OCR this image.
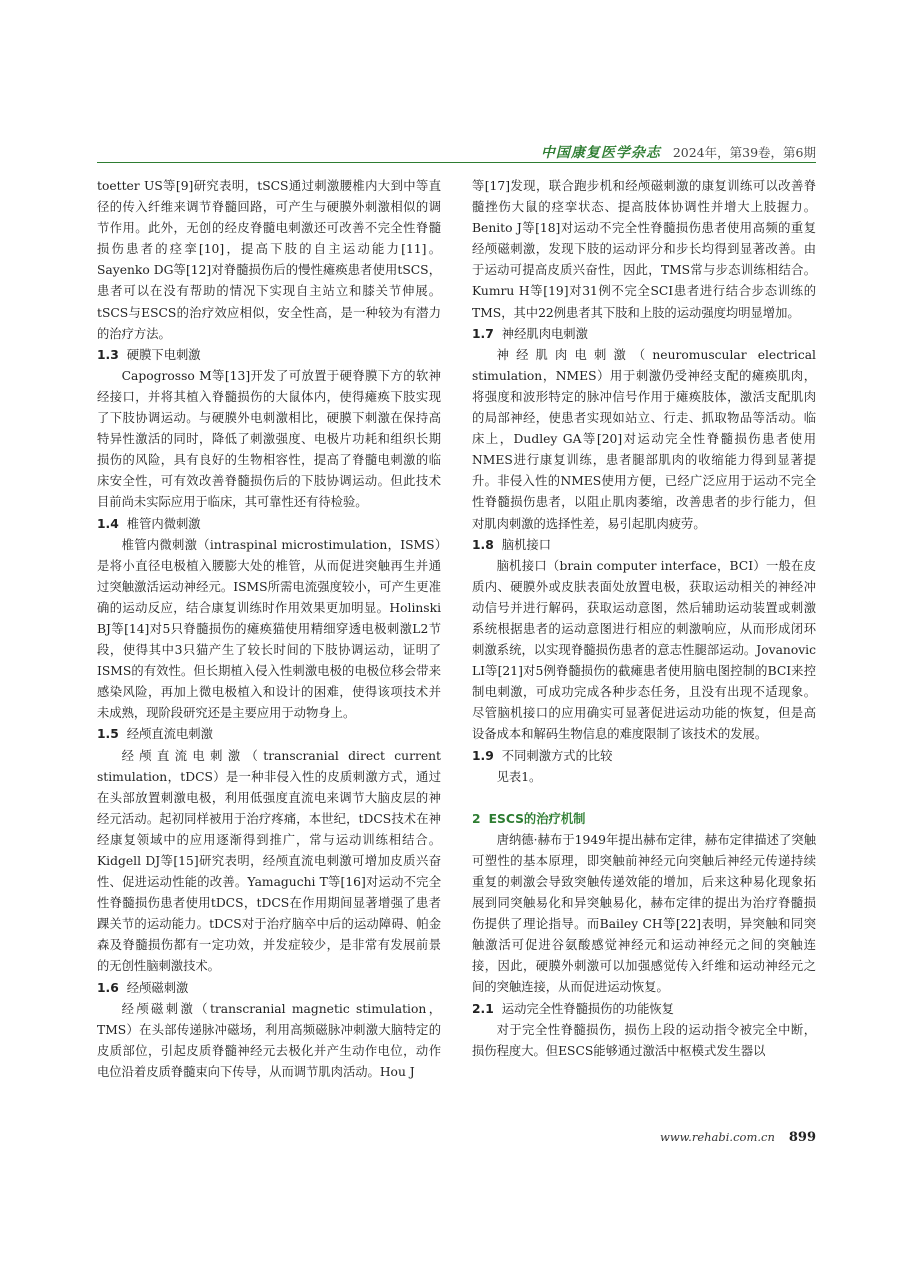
中国康复医学杂志 2024年，第39卷，第6期

toetter US等[9]研究表明，tSCS通过刺激腰椎内大到中等直径的传入纤维来调节脊髓回路，可产生与硬膜外刺激相似的调节作用。此外，无创的经皮脊髓电刺激还可改善不完全性脊髓损伤患者的痉挛[10]，提高下肢的自主运动能力[11]。Sayenko DG等[12]对脊髓损伤后的慢性瘫痪患者使用tSCS，患者可以在没有帮助的情况下实现自主站立和膝关节伸展。tSCS与ESCS的治疗效应相似，安全性高，是一种较为有潜力的治疗方法。

1.3 硬膜下电刺激

Capogrosso M等[13]开发了可放置于硬脊膜下方的软神经接口，并将其植入脊髓损伤的大鼠体内，使得瘫痪下肢实现了下肢协调运动。与硬膜外电刺激相比，硬膜下刺激在保持高特异性激活的同时，降低了刺激强度、电极片功耗和组织长期损伤的风险，具有良好的生物相容性，提高了脊髓电刺激的临床安全性，可有效改善脊髓损伤后的下肢协调运动。但此技术目前尚未实际应用于临床，其可靠性还有待检验。

1.4 椎管内微刺激

椎管内微刺激（intraspinal microstimulation，ISMS）是将小直径电极植入腰膨大处的椎管，从而促进突触再生并通过突触激活运动神经元。ISMS所需电流强度较小，可产生更准确的运动反应，结合康复训练时作用效果更加明显。Holinski BJ等[14]对5只脊髓损伤的瘫痪猫使用精细穿透电极刺激L2节段，使得其中3只猫产生了较长时间的下肢协调运动，证明了ISMS的有效性。但长期植入侵入性刺激电极的电极位移会带来感染风险，再加上微电极植入和设计的困难，使得该项技术并未成熟，现阶段研究还是主要应用于动物身上。

1.5 经颅直流电刺激

经颅直流电刺激（transcranial direct current stimulation，tDCS）是一种非侵入性的皮质刺激方式，通过在头部放置刺激电极，利用低强度直流电来调节大脑皮层的神经元活动。起初同样被用于治疗疼痛，本世纪，tDCS技术在神经康复领域中的应用逐渐得到推广，常与运动训练相结合。Kidgell DJ等[15]研究表明，经颅直流电刺激可增加皮质兴奋性、促进运动性能的改善。Yamaguchi T等[16]对运动不完全性脊髓损伤患者使用tDCS，tDCS在作用期间显著增强了患者踝关节的运动能力。tDCS对于治疗脑卒中后的运动障碍、帕金森及脊髓损伤都有一定功效，并发症较少，是非常有发展前景的无创性脑刺激技术。

1.6 经颅磁刺激

经颅磁刺激（transcranial magnetic stimulation，TMS）在头部传递脉冲磁场，利用高频磁脉冲刺激大脑特定的皮质部位，引起皮质脊髓神经元去极化并产生动作电位，动作电位沿着皮质脊髓束向下传导，从而调节肌肉活动。Hou J

等[17]发现，联合跑步机和经颅磁刺激的康复训练可以改善脊髓挫伤大鼠的痉挛状态、提高肢体协调性并增大上肢握力。Benito J等[18]对运动不完全性脊髓损伤患者使用高频的重复经颅磁刺激，发现下肢的运动评分和步长均得到显著改善。由于运动可提高皮质兴奋性，因此，TMS常与步态训练相结合。Kumru H等[19]对31例不完全SCI患者进行结合步态训练的TMS，其中22例患者其下肢和上肢的运动强度均明显增加。

1.7 神经肌肉电刺激

神经肌肉电刺激（neuromuscular electrical stimulation，NMES）用于刺激仍受神经支配的瘫痪肌肉，将强度和波形特定的脉冲信号作用于瘫痪肢体，激活支配肌肉的局部神经，使患者实现如站立、行走、抓取物品等活动。临床上，Dudley GA等[20]对运动完全性脊髓损伤患者使用NMES进行康复训练，患者腿部肌肉的收缩能力得到显著提升。非侵入性的NMES使用方便，已经广泛应用于运动不完全性脊髓损伤患者，以阻止肌肉萎缩，改善患者的步行能力，但对肌肉刺激的选择性差，易引起肌肉疲劳。

1.8 脑机接口

脑机接口（brain computer interface，BCI）一般在皮质内、硬膜外或皮肤表面处放置电极，获取运动相关的神经冲动信号并进行解码，获取运动意图，然后辅助运动装置或刺激系统根据患者的运动意图进行相应的刺激响应，从而形成闭环刺激系统，以实现脊髓损伤患者的意志性腿部运动。Jovanovic LI等[21]对5例脊髓损伤的截瘫患者使用脑电图控制的BCI来控制电刺激，可成功完成各种步态任务，且没有出现不适现象。尽管脑机接口的应用确实可显著促进运动功能的恢复，但是高设备成本和解码生物信息的难度限制了该技术的发展。

1.9 不同刺激方式的比较

见表1。

2 ESCS的治疗机制

唐纳德·赫布于1949年提出赫布定律，赫布定律描述了突触可塑性的基本原理，即突触前神经元向突触后神经元传递持续重复的刺激会导致突触传递效能的增加，后来这种易化现象拓展到同突触易化和异突触易化，赫布定律的提出为治疗脊髓损伤提供了理论指导。而Bailey CH等[22]表明，异突触和同突触激活可促进谷氨酸感觉神经元和运动神经元之间的突触连接，因此，硬膜外刺激可以加强感觉传入纤维和运动神经元之间的突触连接，从而促进运动恢复。

2.1 运动完全性脊髓损伤的功能恢复

对于完全性脊髓损伤，损伤上段的运动指令被完全中断，损伤程度大。但ESCS能够通过激活中枢模式发生器以

www.rehabi.com.cn 899
